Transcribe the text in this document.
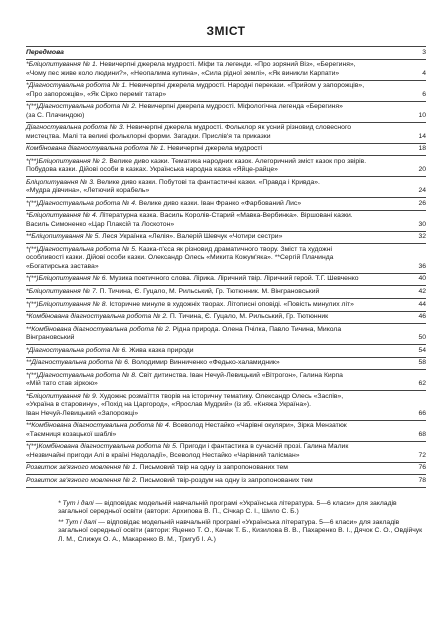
ЗМІСТ
Передмова	3
*Бліцопитування № 1. Невичерпні джерела мудрості. Міфи та легенди. «Про зоряний Віз», «Берегиня»,
«Чому пес живе коло людини?», «Неопалима купина», «Сила рідної землі», «Як виникли Карпати»	4
*Діагностувальна робота № 1. Невичерпні джерела мудрості. Народні перекази. «Прийом у запорожців»,
«Про запорожців», «Як Сірко переміг татар»	6
*(**)Діагностувальна робота № 2. Невичерпні джерела мудрості. Міфологічна легенда «Берегиня»
(за С. Плачиндою)	10
Діагностувальна робота № 3. Невичерпні джерела мудрості. Фольклор як усний різновид словесного
мистецтва. Малі та великі фольклорні форми. Загадки. Прислів'я та приказки	14
Комбінована діагностувальна робота № 1. Невичерпні джерела мудрості	18
*(**)Бліцопитування № 2. Велике диво казки. Тематика народних казок. Алегоричний зміст казок про звірів.
Побудова казки. Дійові особи в казках. Українська народна казка «Яйце-райце»	20
Бліцопитування № 3. Велике диво казки. Побутові та фантастичні казки. «Правда і Кривда».
«Мудра дівчина», «Летючий корабель»	24
*(**)Діагностувальна робота № 4. Велике диво казки. Іван Франко «Фарбований Лис»	26
*Бліцопитування № 4. Літературна казка. Василь Королів-Старий «Мавка-Вербинка». Віршовані казки.
Василь Симоненко «Цар Плаксій та Лоскотон»	30
**Бліцопитування № 5. Леся Українка «Лелія». Валерій Шевчук «Чотири сестри»	32
*(**)Діагностувальна робота № 5. Казка-п'єса як різновид драматичного твору. Зміст та художні
особливості казки. Дійові особи казки. Олександр Олесь «Микита Кожум'яка». **Сергій Плачинда
«Богатирська застава»	36
*(**)Бліцопитування № 6. Музика поетичного слова. Лірика. Ліричний твір. Ліричний герой. Т.Г. Шевченко	40
*Бліцопитування № 7. П. Тичина, Є. Гуцало, М. Рильський, Гр. Тютюнник. М. Вінграновський	42
*(**)Бліцопитування № 8. Історичне минуле в художніх творах. Літописні оповіді. «Повість минулих літ»	44
*Комбінована діагностувальна робота № 2. П. Тичина, Є. Гуцало, М. Рильський, Гр. Тютюнник	46
**Комбінована діагностувальна робота № 2. Рідна природа. Олена Пчілка, Павло Тичина, Микола
Вінграновський	50
*Діагностувальна робота № 6. Жива казка природи	54
**Діагностувальна робота № 6. Володимир Винниченко «Федько-халамидник»	58
*(**)Діагностувальна робота № 8. Світ дитинства. Іван Нечуй-Левицький «Вітрогон», Галина Кирпа
«Мій тато став зіркою»	62
*Бліцопитування № 9. Художнє розмаїття творів на історичну тематику. Олександр Олесь «Заспів»,
«Україна в старовину», «Похід на Царгород», «Ярослав Мудрий» (із зб. «Княжа Україна»).
Іван Нечуй-Левицький «Запорожці»	66
**Комбінована діагностувальна робота № 4. Всеволод Нестайко «Чарівні окуляри», Зірка Мензатюк
«Таємниця козацької шаблі»	68
*(**)Комбінована діагностувальна робота № 5. Пригоди і фантастика в сучасній прозі. Галина Малик
«Незвичайні пригоди Алі в країні Недоладії», Всеволод Нестайко «Чарівний талісман»	72
Розвиток зв'язного мовлення № 1. Письмовий твір на одну із запропонованих тем	76
Розвиток зв'язного мовлення № 2. Письмовий твір-роздум на одну із запропонованих тем	78
* Тут і далі — відповідає модельній навчальній програмі «Українська література. 5—6 класи» для закладів загальної середньої освіти (автори: Архипова В. П., Січкар С. І., Шило С. Б.)
** Тут і далі — відповідає модельній навчальній програмі «Українська література. 5—6 класи» для закладів загальної середньої освіти (автори: Яценко Т. О., Качак Т. Б., Кизилова В. В., Пахаренко В. І., Дячок С. О., Овдійчук Л. М., Слижук О. А., Макаренко В. М., Тригуб І. А.)
